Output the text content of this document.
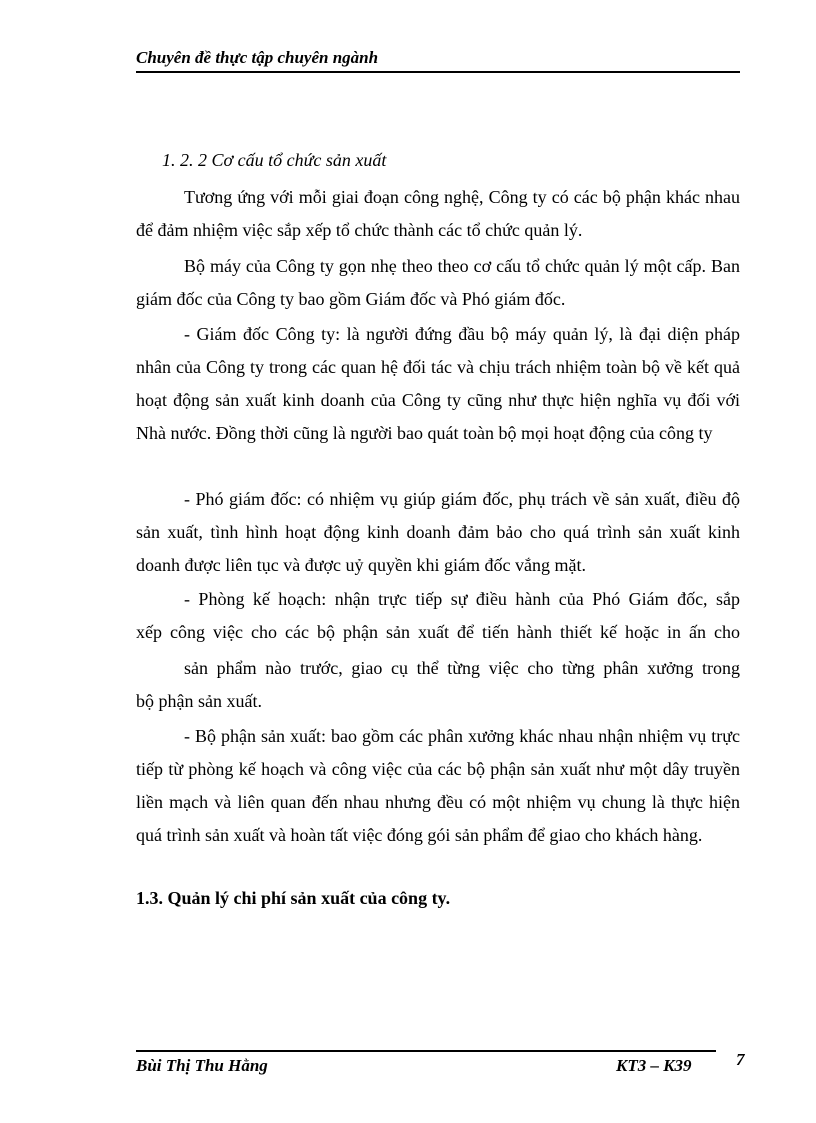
Chuyên đề thực tập chuyên ngành
1. 2. 2 Cơ cấu tổ chức sản xuất

Tương ứng với mỗi giai đoạn công nghệ, Công ty có các bộ phận khác nhau để đảm nhiệm việc sắp xếp tổ chức thành các tổ chức quản lý.

Bộ máy của Công ty gọn nhẹ theo theo cơ cấu tổ chức quản lý một cấp. Ban giám đốc của Công ty bao gồm Giám đốc và Phó giám đốc.

- Giám đốc Công ty: là người đứng đầu bộ máy quản lý, là đại diện pháp nhân của Công ty trong các quan hệ đối tác và chịu trách nhiệm toàn bộ về kết quả hoạt động sản xuất kinh doanh của Công ty cũng như thực hiện nghĩa vụ đối với Nhà nước. Đồng thời cũng là người bao quát toàn bộ mọi hoạt động của công ty

- Phó giám đốc: có nhiệm vụ giúp giám đốc, phụ trách về sản xuất, điều độ sản xuất, tình hình hoạt động kinh doanh đảm bảo cho quá trình sản xuất kinh doanh được liên tục và được uỷ quyền khi giám đốc vắng mặt.

- Phòng kế hoạch: nhận trực tiếp sự điều hành của Phó Giám đốc, sắp
xếp công việc cho các bộ phận sản xuất để tiến hành thiết kế hoặc in ấn cho
sản phẩm nào trước, giao cụ thể từng việc cho từng phân xưởng trong
bộ phận sản xuất.

- Bộ phận sản xuất: bao gồm các phân xưởng khác nhau nhận nhiệm vụ trực tiếp từ phòng kế hoạch và công việc của các bộ phận sản xuất như một dây truyền liền mạch và liên quan đến nhau nhưng đều có một nhiệm vụ chung là thực hiện quá trình sản xuất và hoàn tất việc đóng gói sản phẩm để giao cho khách hàng.

1.3. Quản lý chi phí sản xuất của công ty.
Bùi Thị Thu Hằng	KT3 – K39	7
